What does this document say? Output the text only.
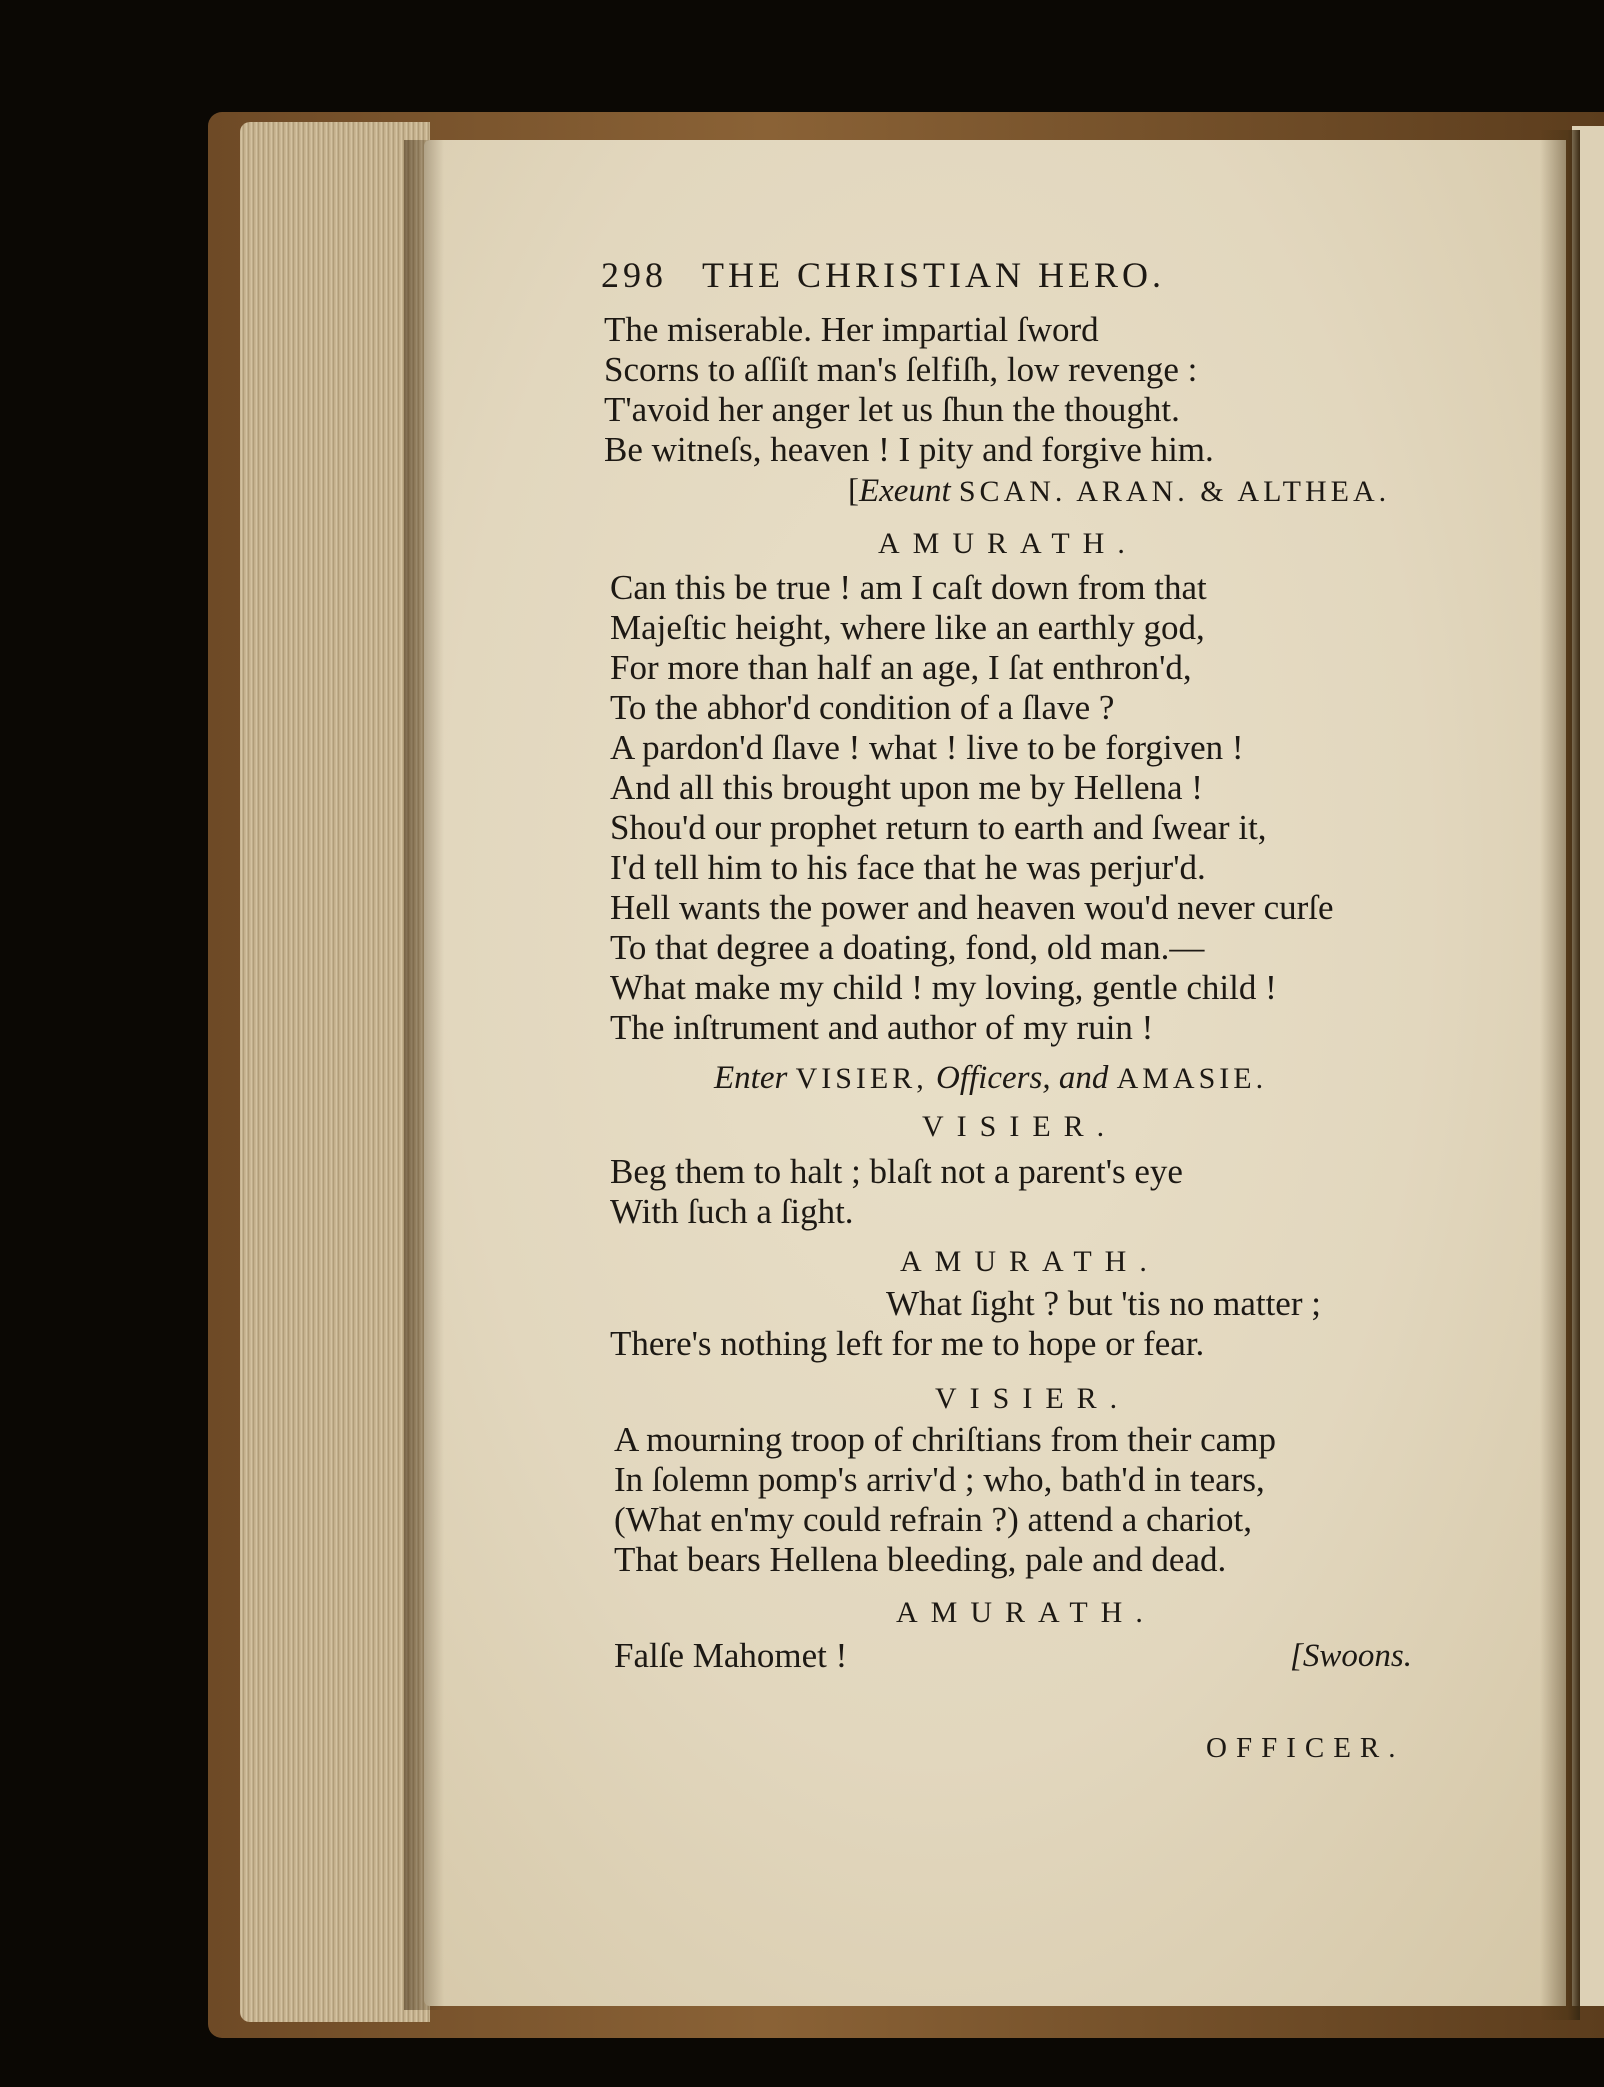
298 THE CHRISTIAN HERO.
The miserable. Her impartial ſword
Scorns to aſſiſt man's ſelfiſh, low revenge :
T'avoid her anger let us ſhun the thought.
Be witneſs, heaven ! I pity and forgive him.
[Exeunt SCAN. ARAN. & ALTHEA.
AMURATH.
Can this be true ! am I caſt down from that
Majeſtic height, where like an earthly god,
For more than half an age, I ſat enthron'd,
To the abhor'd condition of a ſlave ?
A pardon'd ſlave ! what ! live to be forgiven !
And all this brought upon me by Hellena !
Shou'd our prophet return to earth and ſwear it,
I'd tell him to his face that he was perjur'd.
Hell wants the power and heaven wou'd never curſe
To that degree a doating, fond, old man.—
What make my child ! my loving, gentle child !
The inſtrument and author of my ruin !
Enter VISIER, Officers, and AMASIE.
VISIER.
Beg them to halt ; blaſt not a parent's eye
With ſuch a ſight.
AMURATH.
What ſight ? but 'tis no matter ;
There's nothing left for me to hope or fear.
VISIER.
A mourning troop of chriſtians from their camp
In ſolemn pomp's arriv'd ; who, bath'd in tears,
(What en'my could refrain ?) attend a chariot,
That bears Hellena bleeding, pale and dead.
AMURATH.
Falſe Mahomet !	[Swoons.
OFFICER.
